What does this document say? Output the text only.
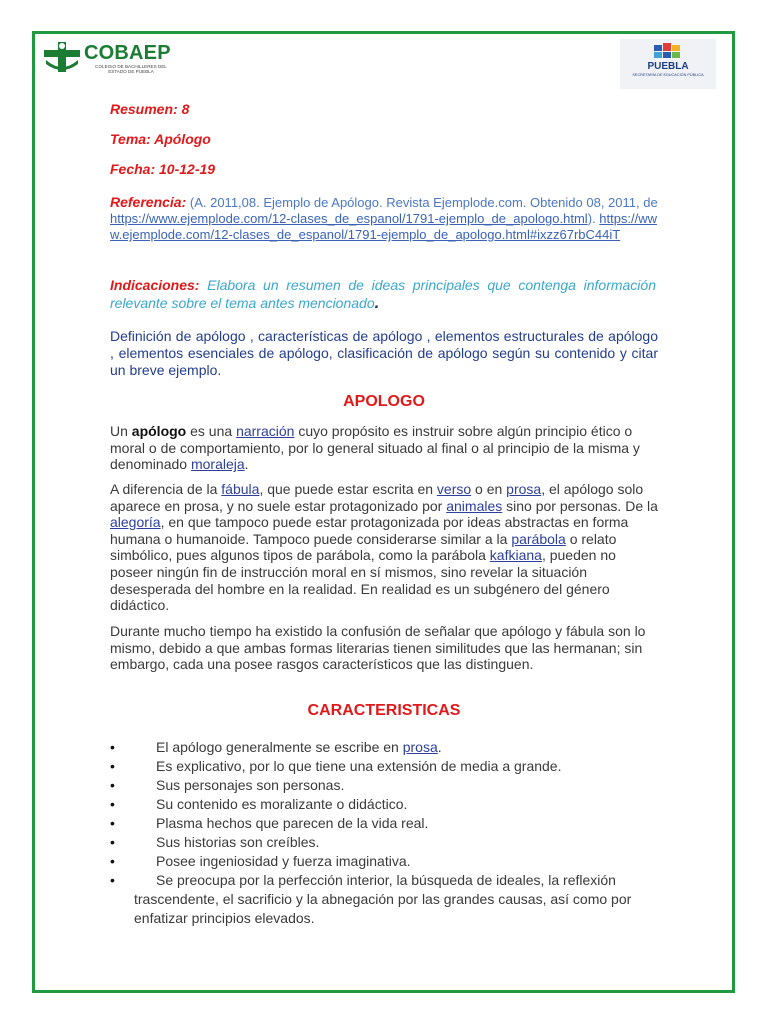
COBAEP
COLEGIO DE BACHILLERES DEL ESTADO DE PUEBLA	PUEBLA
SECRETARÍA DE EDUCACIÓN PÚBLICA
Resumen: 8
Tema: Apólogo
Fecha: 10-12-19
Referencia: (A. 2011,08. Ejemplo de Apólogo. Revista Ejemplode.com. Obtenido 08, 2011, de https://www.ejemplode.com/12-clases_de_espanol/1791-ejemplo_de_apologo.html). https://www.ejemplode.com/12-clases_de_espanol/1791-ejemplo_de_apologo.html#ixzz67rbC44iT
Indicaciones: Elabora un resumen de ideas principales que contenga información relevante sobre el tema antes mencionado.
Definición de apólogo , características de apólogo , elementos estructurales de apólogo , elementos esenciales de apólogo, clasificación de apólogo según su contenido y citar un breve ejemplo.
APOLOGO
Un apólogo es una narración cuyo propósito es instruir sobre algún principio ético o moral o de comportamiento, por lo general situado al final o al principio de la misma y denominado moraleja.
A diferencia de la fábula, que puede estar escrita en verso o en prosa, el apólogo solo aparece en prosa, y no suele estar protagonizado por animales sino por personas. De la alegoría, en que tampoco puede estar protagonizada por ideas abstractas en forma humana o humanoide. Tampoco puede considerarse similar a la parábola o relato simbólico, pues algunos tipos de parábola, como la parábola kafkiana, pueden no poseer ningún fin de instrucción moral en sí mismos, sino revelar la situación desesperada del hombre en la realidad. En realidad es un subgénero del género didáctico.
Durante mucho tiempo ha existido la confusión de señalar que apólogo y fábula son lo mismo, debido a que ambas formas literarias tienen similitudes que las hermanan; sin embargo, cada una posee rasgos característicos que las distinguen.
CARACTERISTICAS
•	El apólogo generalmente se escribe en prosa.
•	Es explicativo, por lo que tiene una extensión de media a grande.
•	Sus personajes son personas.
•	Su contenido es moralizante o didáctico.
•	Plasma hechos que parecen de la vida real.
•	Sus historias son creíbles.
•	Posee ingeniosidad y fuerza imaginativa.
•	Se preocupa por la perfección interior, la búsqueda de ideales, la reflexión trascendente, el sacrificio y la abnegación por las grandes causas, así como por enfatizar principios elevados.
